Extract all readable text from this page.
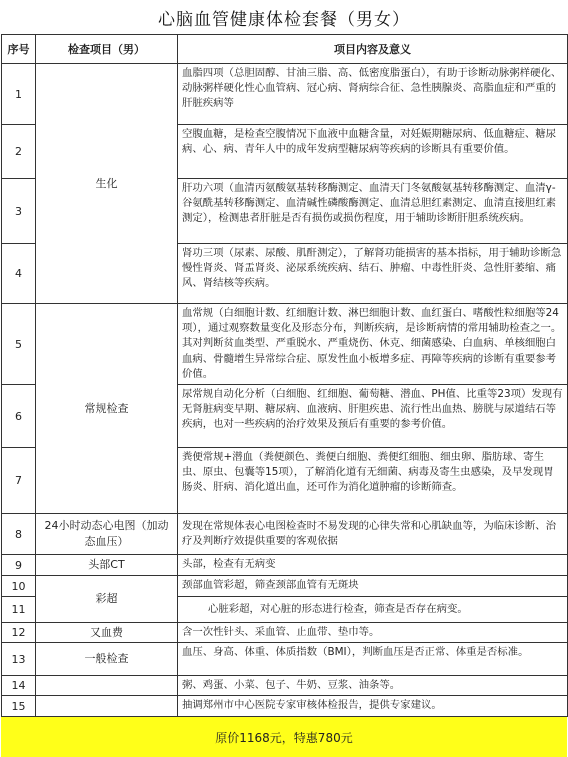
心脑血管健康体检套餐（男女）
序号	检查项目（男）	项目内容及意义
1	生化	血脂四项（总胆固醇、甘油三脂、高、低密度脂蛋白），有助于诊断动脉粥样硬化、动脉粥样硬化性心血管病、冠心病、肾病综合征、急性胰腺炎、高脂血症和严重的肝脏疾病等
2		空腹血糖，是检查空腹情况下血液中血糖含量，对妊娠期糖尿病、低血糖症、糖尿病、心、病、青年人中的成年发病型糖尿病等疾病的诊断具有重要价值。
3		肝功六项（血清丙氨酸氨基转移酶测定、血清天门冬氨酸氨基转移酶测定、血清γ-谷氨酰基转移酶测定、血清碱性磷酸酶测定、血清总胆红素测定、血清直接胆红素测定），检测患者肝脏是否有损伤或损伤程度，用于辅助诊断肝胆系统疾病。
4		肾功三项（尿素、尿酸、肌酐测定），了解肾功能损害的基本指标，用于辅助诊断急慢性肾炎、肾盂肾炎、泌尿系统疾病、结石、肿瘤、中毒性肝炎、急性肝萎缩、痛风、肾结核等疾病。
5	常规检查	血常规（白细胞计数、红细胞计数、淋巴细胞计数、血红蛋白、嗜酸性粒细胞等24项），通过观察数量变化及形态分布，判断疾病，是诊断病情的常用辅助检查之一。其对判断贫血类型、严重脱水、严重烧伤、休克、细菌感染、白血病、单核细胞白血病、骨髓增生异常综合症、原发性血小板增多症、再障等疾病的诊断有重要参考价值。
6		尿常规自动化分析（白细胞、红细胞、葡萄糖、潜血、PH值、比重等23项）发现有无肾脏病变早期、糖尿病、血液病、肝胆疾患、流行性出血热、膀胱与尿道结石等疾病，也对一些疾病的治疗效果及预后有重要的参考价值。
7		粪便常规+潜血（粪便颜色、粪便白细胞、粪便红细胞、细虫卵、脂肪球、寄生虫、原虫、包囊等15项），了解消化道有无细菌、病毒及寄生虫感染，及早发现胃肠炎、肝病、消化道出血，还可作为消化道肿瘤的诊断筛查。
8	24小时动态心电图（加动态血压）	发现在常规体表心电图检查时不易发现的心律失常和心肌缺血等，为临床诊断、治疗及判断疗效提供重要的客观依据
9	头部CT	头部，检查有无病变
10	彩超	颈部血管彩超，筛查颈部血管有无斑块
11		心脏彩超，对心脏的形态进行检查，筛查是否存在病变。
12	又血费	含一次性针头、采血管、止血带、垫巾等。
13	一般检查	血压、身高、体重、体质指数（BMI），判断血压是否正常、体重是否标准。
14		粥、鸡蛋、小菜、包子、牛奶、豆浆、油条等。
15		抽调郑州市中心医院专家审核体检报告，提供专家建议。
原价1168元，特惠780元
